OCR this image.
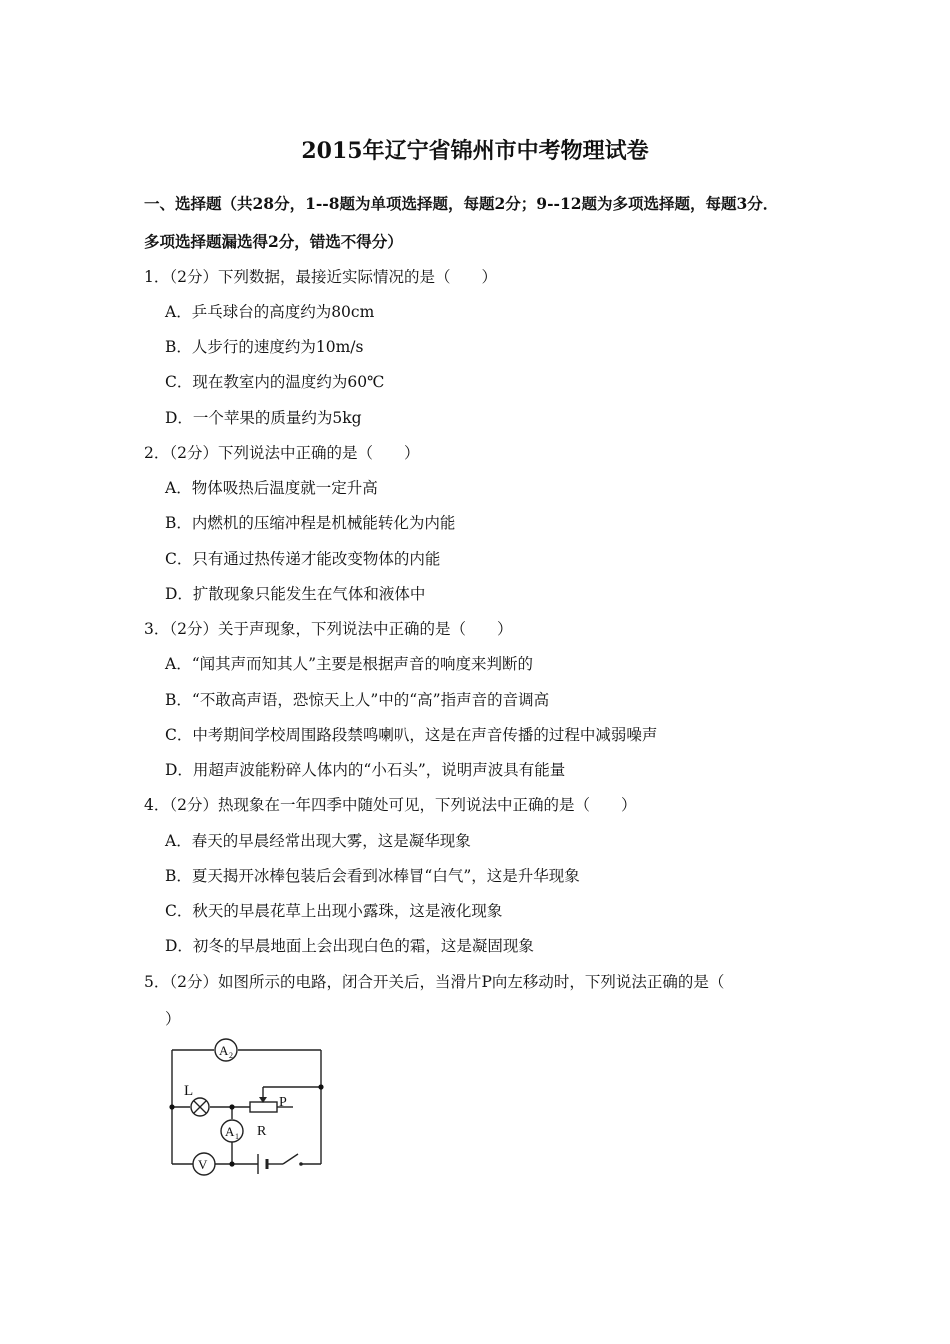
2015年辽宁省锦州市中考物理试卷
一、选择题（共28分，1--8题为单项选择题，每题2分；9--12题为多项选择题，每题3分．
多项选择题漏选得2分，错选不得分）
1．（2分）下列数据，最接近实际情况的是（　　）
A．乒乓球台的高度约为80cm
B．人步行的速度约为10m/s
C．现在教室内的温度约为60℃
D．一个苹果的质量约为5kg
2．（2分）下列说法中正确的是（　　）
A．物体吸热后温度就一定升高
B．内燃机的压缩冲程是机械能转化为内能
C．只有通过热传递才能改变物体的内能
D．扩散现象只能发生在气体和液体中
3．（2分）关于声现象，下列说法中正确的是（　　）
A．“闻其声而知其人”主要是根据声音的响度来判断的
B．“不敢高声语，恐惊天上人”中的“高”指声音的音调高
C．中考期间学校周围路段禁鸣喇叭，这是在声音传播的过程中减弱噪声
D．用超声波能粉碎人体内的“小石头”，说明声波具有能量
4．（2分）热现象在一年四季中随处可见，下列说法中正确的是（　　）
A．春天的早晨经常出现大雾，这是凝华现象
B．夏天揭开冰棒包装后会看到冰棒冒“白气”，这是升华现象
C．秋天的早晨花草上出现小露珠，这是液化现象
D．初冬的早晨地面上会出现白色的霜，这是凝固现象
5．（2分）如图所示的电路，闭合开关后，当滑片P向左移动时，下列说法正确的是（
）
A 2
L
P
R
A 1
V
